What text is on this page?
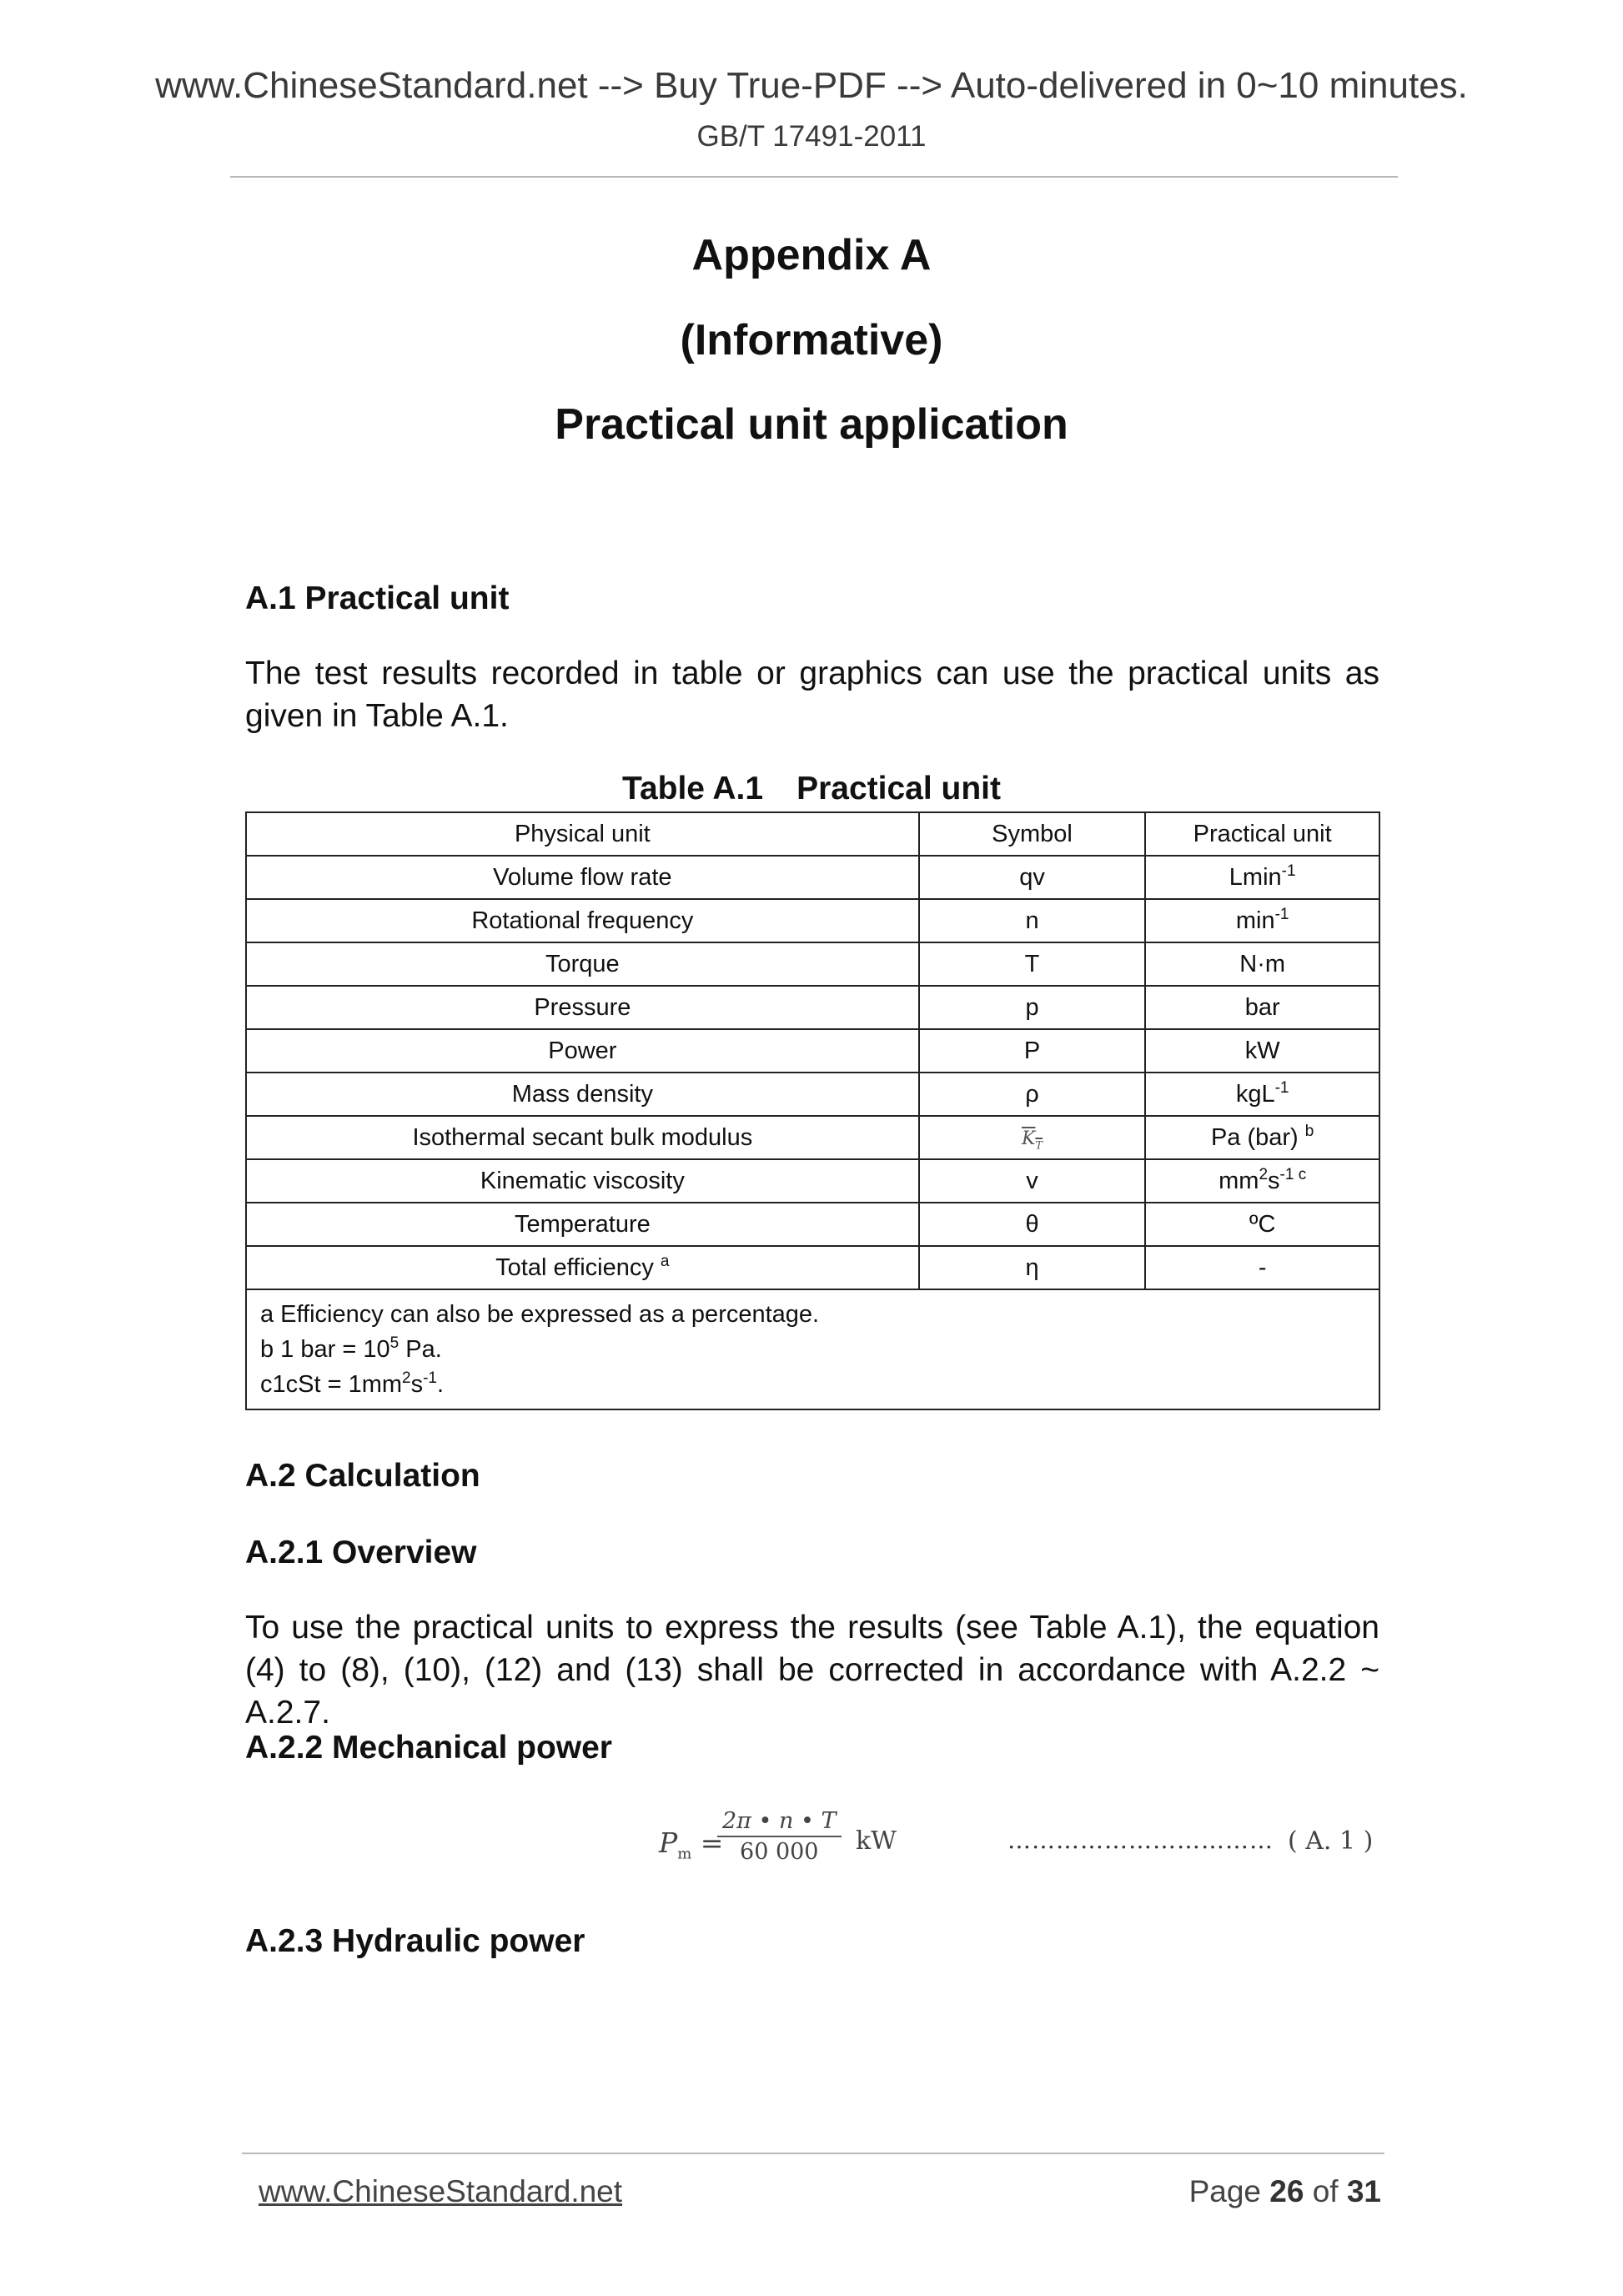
www.ChineseStandard.net --> Buy True-PDF --> Auto-delivered in 0~10 minutes.
GB/T 17491-2011
Appendix A
(Informative)
Practical unit application
A.1 Practical unit
The test results recorded in table or graphics can use the practical units as
given in Table A.1.
Table A.1 Practical unit
Physical unit	Symbol	Practical unit
Volume flow rate	qv	Lmin$^{-1}$
Rotational frequency	n	$\min^{-1}$
Torque	T	N·m
Pressure	p	bar
Power	P	kW
Mass density	ρ	kgL$^{-1}$
Isothermal secant bulk modulus	$K_T$	Pa (bar) $^b$
Kinematic viscosity	v	$mm^2s^{-1 c}$
Temperature	θ	ºC
Total efficiency $^a$	η	-

a Efficiency can also be expressed as a percentage.
b 1 bar = $10^5$ Pa.
$c1cSt = 1mm^2s^{-1}$.		
A.2 Calculation
A.2.1 Overview
To use the practical units to express the results (see Table A.1), the equation
(4) to (8), (10), (12) and (13) shall be corrected in accordance with A.2.2 ~ A.2.7.
A.2.2 Mechanical power
$P_m$ =
2π • n • T
60 000	kW	…………………………… ( A. 1 )
A.2.3 Hydraulic power
www.ChineseStandard.net	Page 26 of 31
